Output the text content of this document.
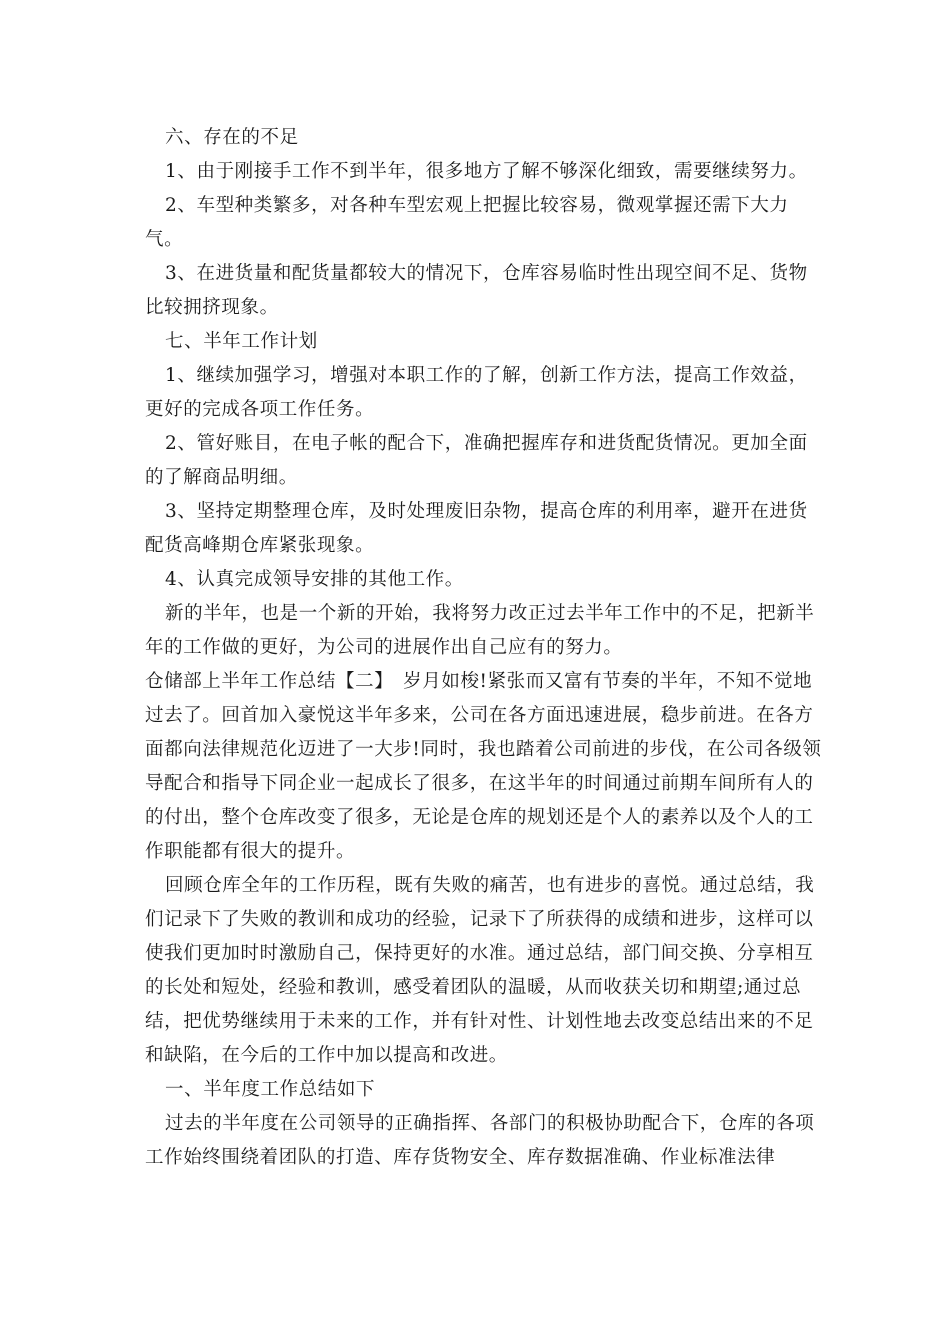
六、存在的不足

1、由于刚接手工作不到半年，很多地方了解不够深化细致，需要继续努力。

2、车型种类繁多，对各种车型宏观上把握比较容易，微观掌握还需下大力气。

3、在进货量和配货量都较大的情况下，仓库容易临时性出现空间不足、货物比较拥挤现象。

七、半年工作计划

1、继续加强学习，增强对本职工作的了解，创新工作方法，提高工作效益，更好的完成各项工作任务。

2、管好账目，在电子帐的配合下，准确把握库存和进货配货情况。更加全面的了解商品明细。

3、坚持定期整理仓库，及时处理废旧杂物，提高仓库的利用率，避开在进货配货高峰期仓库紧张现象。

4、认真完成领导安排的其他工作。

新的半年，也是一个新的开始，我将努力改正过去半年工作中的不足，把新半年的工作做的更好，为公司的进展作出自己应有的努力。

仓储部上半年工作总结【二】　岁月如梭!紧张而又富有节奏的半年，不知不觉地过去了。回首加入豪悦这半年多来，公司在各方面迅速进展，稳步前进。在各方面都向法律规范化迈进了一大步!同时，我也踏着公司前进的步伐，在公司各级领导配合和指导下同企业一起成长了很多，在这半年的时间通过前期车间所有人的的付出，整个仓库改变了很多，无论是仓库的规划还是个人的素养以及个人的工作职能都有很大的提升。

回顾仓库全年的工作历程，既有失败的痛苦，也有进步的喜悦。通过总结，我们记录下了失败的教训和成功的经验，记录下了所获得的成绩和进步，这样可以使我们更加时时激励自己，保持更好的水准。通过总结，部门间交换、分享相互的长处和短处，经验和教训，感受着团队的温暖，从而收获关切和期望;通过总结，把优势继续用于未来的工作，并有针对性、计划性地去改变总结出来的不足和缺陷，在今后的工作中加以提高和改进。

一、半年度工作总结如下

过去的半年度在公司领导的正确指挥、各部门的积极协助配合下，仓库的各项工作始终围绕着团队的打造、库存货物安全、库存数据准确、作业标准法律
